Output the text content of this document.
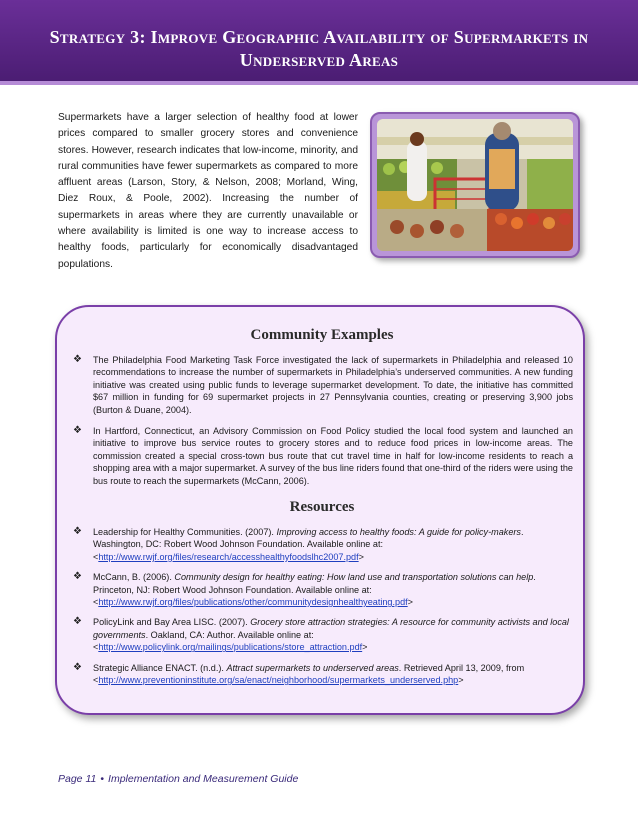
Strategy 3: Improve Geographic Availability of Supermarkets in Underserved Areas
Supermarkets have a larger selection of healthy food at lower prices compared to smaller grocery stores and convenience stores. However, research indicates that low-income, minority, and rural communities have fewer supermarkets as compared to more affluent areas (Larson, Story, & Nelson, 2008; Morland, Wing, Diez Roux, & Poole, 2002). Increasing the number of supermarkets in areas where they are currently unavailable or where availability is limited is one way to increase access to healthy foods, particularly for economically disadvantaged populations.
Community Examples
❖ The Philadelphia Food Marketing Task Force investigated the lack of supermarkets in Philadelphia and released 10 recommendations to increase the number of supermarkets in Philadelphia’s underserved communities. A new funding initiative was created using public funds to leverage supermarket development. To date, the initiative has committed $67 million in funding for 69 supermarket projects in 27 Pennsylvania counties, creating or preserving 3,900 jobs (Burton & Duane, 2004).
❖ In Hartford, Connecticut, an Advisory Commission on Food Policy studied the local food system and launched an initiative to improve bus service routes to grocery stores and to reduce food prices in low-income areas. The commission created a special cross-town bus route that cut travel time in half for low-income residents to reach a shopping area with a major supermarket. A survey of the bus line riders found that one-third of the riders were using the bus route to reach the supermarkets (McCann, 2006).
Resources
❖ Leadership for Healthy Communities. (2007). Improving access to healthy foods: A guide for policy-makers. Washington, DC: Robert Wood Johnson Foundation. Available online at: <http://www.rwjf.org/files/research/accesshealthyfoodslhc2007.pdf>
❖ McCann, B. (2006). Community design for healthy eating: How land use and transportation solutions can help. Princeton, NJ: Robert Wood Johnson Foundation. Available online at: <http://www.rwjf.org/files/publications/other/communitydesignhealthyeating.pdf>
❖ PolicyLink and Bay Area LISC. (2007). Grocery store attraction strategies: A resource for community activists and local governments. Oakland, CA: Author. Available online at: <http://www.policylink.org/mailings/publications/store_attraction.pdf>
❖ Strategic Alliance ENACT. (n.d.). Attract supermarkets to underserved areas. Retrieved April 13, 2009, from <http://www.preventioninstitute.org/sa/enact/neighborhood/supermarkets_underserved.php>
Page 11 • Implementation and Measurement Guide
